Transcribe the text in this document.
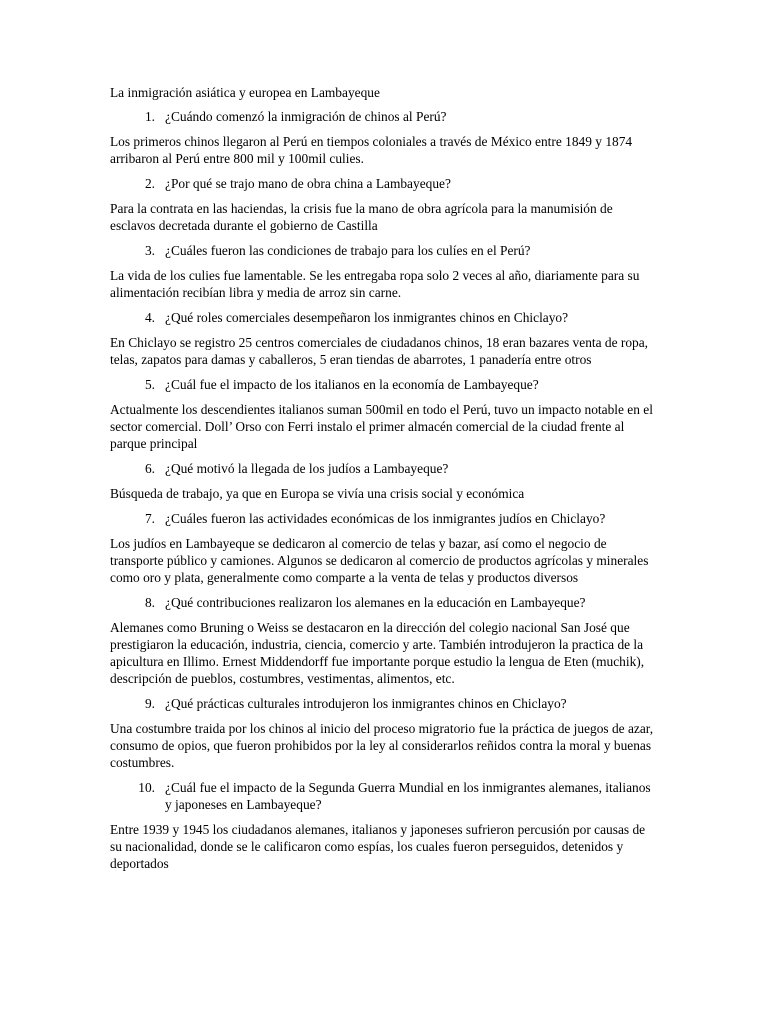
La inmigración asiática y europea en Lambayeque

1. ¿Cuándo comenzó la inmigración de chinos al Perú?

Los primeros chinos llegaron al Perú en tiempos coloniales a través de México entre 1849 y 1874 arribaron al Perú entre 800 mil y 100mil culies.

2. ¿Por qué se trajo mano de obra china a Lambayeque?

Para la contrata en las haciendas, la crisis fue la mano de obra agrícola para la manumisión de esclavos decretada durante el gobierno de Castilla

3. ¿Cuáles fueron las condiciones de trabajo para los culíes en el Perú?

La vida de los culies fue lamentable. Se les entregaba ropa solo 2 veces al año, diariamente para su alimentación recibían libra y media de arroz sin carne.

4. ¿Qué roles comerciales desempeñaron los inmigrantes chinos en Chiclayo?

En Chiclayo se registro 25 centros comerciales de ciudadanos chinos, 18 eran bazares venta de ropa, telas, zapatos para damas y caballeros, 5 eran tiendas de abarrotes, 1 panadería entre otros

5. ¿Cuál fue el impacto de los italianos en la economía de Lambayeque?

Actualmente los descendientes italianos suman 500mil en todo el Perú, tuvo un impacto notable en el sector comercial. Doll’ Orso con Ferri instalo el primer almacén comercial de la ciudad frente al parque principal

6. ¿Qué motivó la llegada de los judíos a Lambayeque?

Búsqueda de trabajo, ya que en Europa se vivía una crisis social y económica

7. ¿Cuáles fueron las actividades económicas de los inmigrantes judíos en Chiclayo?

Los judíos en Lambayeque se dedicaron al comercio de telas y bazar, así como el negocio de transporte público y camiones. Algunos se dedicaron al comercio de productos agrícolas y minerales como oro y plata, generalmente como comparte a la venta de telas y productos diversos

8. ¿Qué contribuciones realizaron los alemanes en la educación en Lambayeque?

Alemanes como Bruning o Weiss se destacaron en la dirección del colegio nacional San José que prestigiaron la educación, industria, ciencia, comercio y arte. También introdujeron la practica de la apicultura en Illimo. Ernest Middendorff fue importante porque estudio la lengua de Eten (muchik), descripción de pueblos, costumbres, vestimentas, alimentos, etc.

9. ¿Qué prácticas culturales introdujeron los inmigrantes chinos en Chiclayo?

Una costumbre traida por los chinos al inicio del proceso migratorio fue la práctica de juegos de azar, consumo de opios, que fueron prohibidos por la ley al considerarlos reñidos contra la moral y buenas costumbres.

10. ¿Cuál fue el impacto de la Segunda Guerra Mundial en los inmigrantes alemanes, italianos y japoneses en Lambayeque?

Entre 1939 y 1945 los ciudadanos alemanes, italianos y japoneses sufrieron percusión por causas de su nacionalidad, donde se le calificaron como espías, los cuales fueron perseguidos, detenidos y deportados
